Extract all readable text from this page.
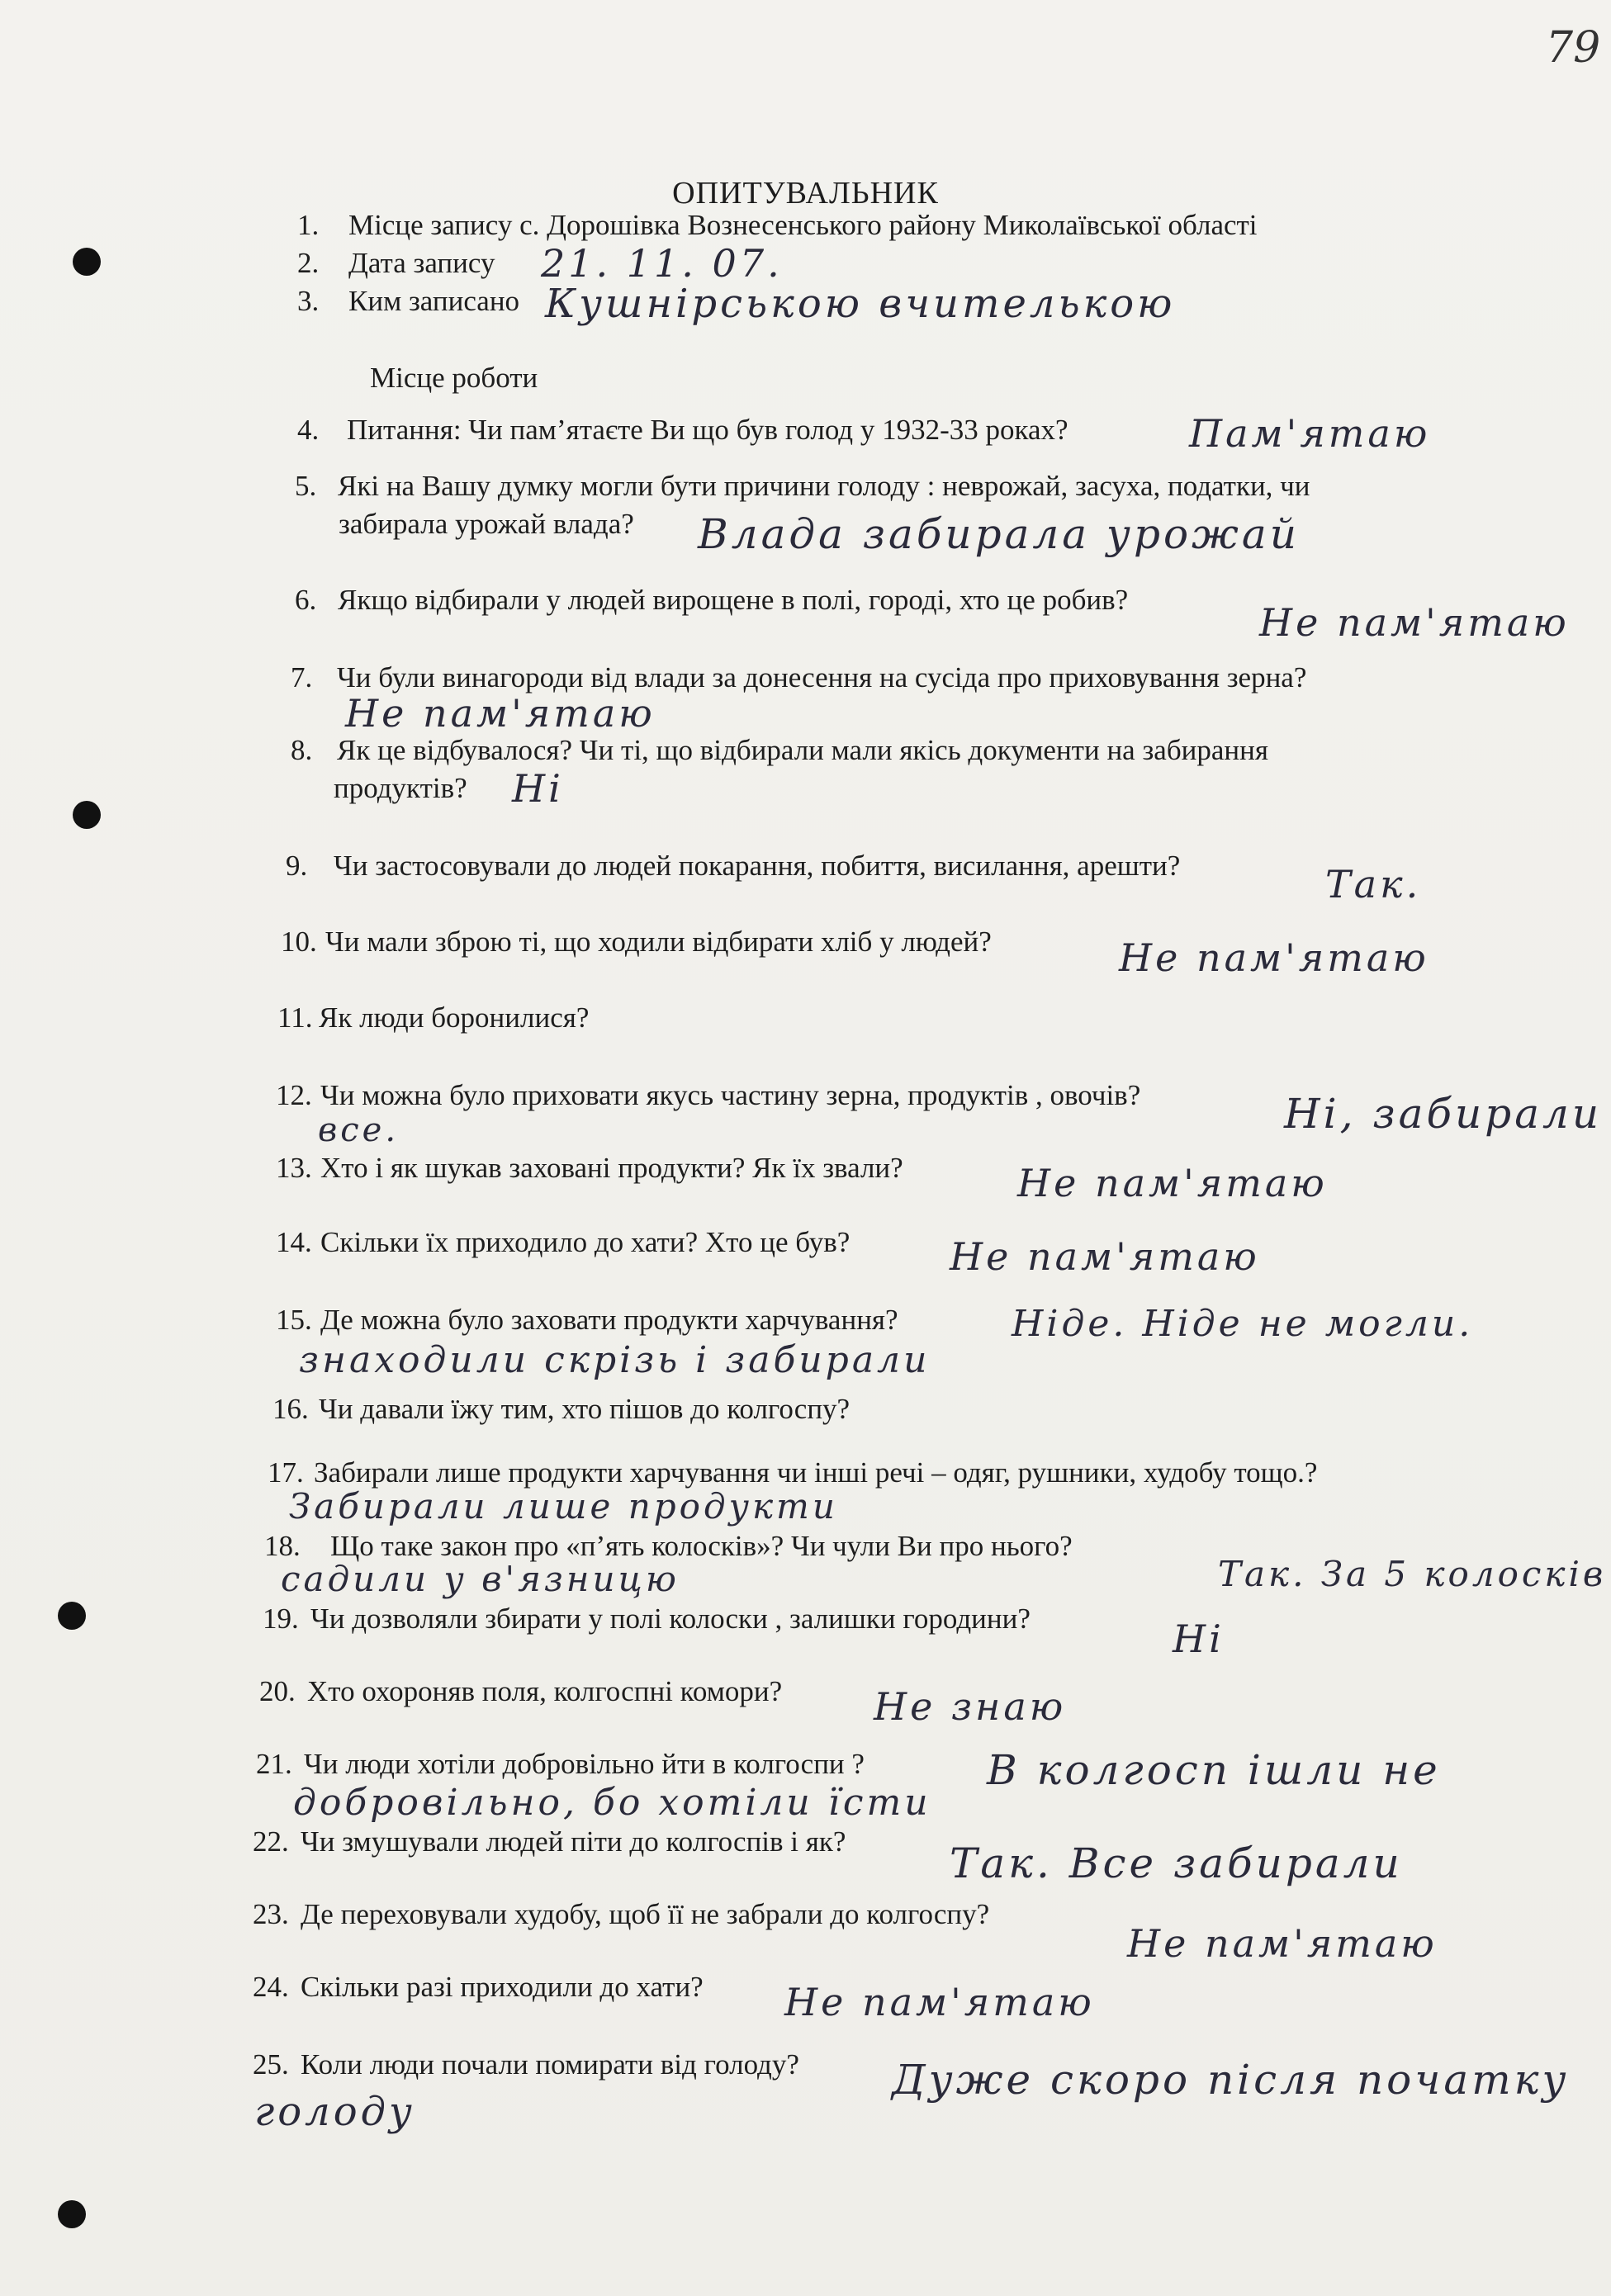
79
ОПИТУВАЛЬНИК
1. Місце запису с. Дорошівка Вознесенського району Миколаївської області
2. Дата запису 21. 11. 07.
3. Ким записано Кушнірською вчителькою
Місце роботи
4. Питання: Чи пам’ятаєте Ви що був голод у 1932-33 роках?	Пам'ятаю
5. Які на Вашу думку могли бути причини голоду : неврожай, засуха, податки, чи
забирала урожай влада? Влада забирала урожай
6. Якщо відбирали у людей вирощене в полі, городі, хто це робив?
Не пам'ятаю
7. Чи були винагороди від влади за донесення на сусіда про приховування зерна?
Не пам'ятаю
8. Як це відбувалося? Чи ті, що відбирали мали якісь документи на забирання
продуктів? Ні
9. Чи застосовували до людей покарання, побиття, висилання, арешти?	Так.
10. Чи мали зброю ті, що ходили відбирати хліб у людей?	Не пам'ятаю
11. Як люди боронилися?
12. Чи можна було приховати якусь частину зерна, продуктів , овочів?	Ні, забирали
все.
13. Хто і як шукав заховані продукти? Як їх звали?	Не пам'ятаю
14. Скільки їх приходило до хати? Хто це був?	Не пам'ятаю
15. Де можна було заховати продукти харчування?	Ніде. Ніде не могли.
знаходили скрізь і забирали
16. Чи давали їжу тим, хто пішов до колгоспу?
17. Забирали лише продукти харчування чи інші речі – одяг, рушники, худобу тощо.?
Забирали лише продукти
18. Що таке закон про «п’ять колосків»? Чи чули Ви про нього?
Так. За 5 колосків
садили у в'язницю
19. Чи дозволяли збирати у полі колоски , залишки городини?	Ні
20. Хто охороняв поля, колгоспні комори? Не знаю
21. Чи люди хотіли добровільно йти в колгоспи ?	В колгосп ішли не
добровільно, бо хотіли їсти
22. Чи змушували людей піти до колгоспів і як?	Так. Все забирали
23. Де переховували худобу, щоб її не забрали до колгоспу?
Не пам'ятаю
24. Скільки разі приходили до хати? Не пам'ятаю
25. Коли люди почали помирати від голоду? Дуже скоро після початку
голоду
